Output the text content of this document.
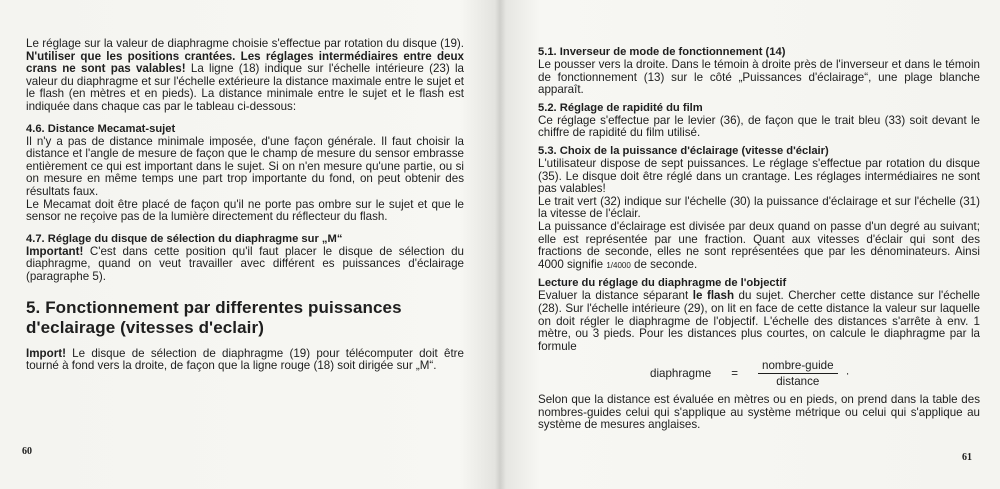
Le réglage sur la valeur de diaphragme choisie s'effectue par rotation du disque (19). N'utiliser que les positions crantées. Les réglages intermédiaires entre deux crans ne sont pas valables! La ligne (18) indique sur l'échelle intérieure (23) la valeur du diaphragme et sur l'échelle extérieure la distance maximale entre le sujet et le flash (en mètres et en pieds). La distance minimale entre le sujet et le flash est indiquée dans chaque cas par le tableau ci-dessous:

4.6. Distance Mecamat-sujet

Il n'y a pas de distance minimale imposée, d'une façon générale. Il faut choisir la distance et l'angle de mesure de façon que le champ de mesure du sensor embrasse entièrement ce qui est important dans le sujet. Si on n'en mesure qu'une partie, ou si on mesure en même temps une part trop importante du fond, on peut obtenir des résultats faux.

Le Mecamat doit être placé de façon qu'il ne porte pas ombre sur le sujet et que le sensor ne reçoive pas de la lumière directement du réflecteur du flash.

4.7. Réglage du disque de sélection du diaphragme sur „M“

Important! C'est dans cette position qu'il faut placer le disque de sélection du diaphragme, quand on veut travailler avec différent es puissances d'éclairage (paragraphe 5).

5. Fonctionnement par differentes puissances d'eclairage (vitesses d'eclair)

Import! Le disque de sélection de diaphragme (19) pour télécomputer doit être tourné à fond vers la droite, de façon que la ligne rouge (18) soit dirigée sur „M“.

60
5.1. Inverseur de mode de fonctionnement (14)

Le pousser vers la droite. Dans le témoin à droite près de l'inverseur et dans le témoin de fonctionnement (13) sur le côté „Puissances d'éclairage“, une plage blanche apparaît.

5.2. Réglage de rapidité du film

Ce réglage s'effectue par le levier (36), de façon que le trait bleu (33) soit devant le chiffre de rapidité du film utilisé.

5.3. Choix de la puissance d'éclairage (vitesse d'éclair)

L'utilisateur dispose de sept puissances. Le réglage s'effectue par rotation du disque (35). Le disque doit être réglé dans un crantage. Les réglages intermédiaires ne sont pas valables!

Le trait vert (32) indique sur l'échelle (30) la puissance d'éclairage et sur l'échelle (31) la vitesse de l'éclair.

La puissance d'éclairage est divisée par deux quand on passe d'un degré au suivant; elle est représentée par une fraction. Quant aux vitesses d'éclair qui sont des fractions de seconde, elles ne sont représentées que par les dénominateurs. Ainsi 4000 signifie 1/4000 de seconde.

Lecture du réglage du diaphragme de l'objectif

Evaluer la distance séparant le flash du sujet. Chercher cette distance sur l'échelle (28). Sur l'échelle intérieure (29), on lit en face de cette distance la valeur sur laquelle on doit régler le diaphragme de l'objectif. L'échelle des distances s'arrête à env. 1 mètre, ou 3 pieds. Pour les distances plus courtes, on calcule le diaphragme par la formule

diaphragme = $\frac{\text{nombre-guide}}{\text{distance}}$ ·

Selon que la distance est évaluée en mètres ou en pieds, on prend dans la table des nombres-guides celui qui s'applique au système métrique ou celui qui s'applique au système de mesures anglaises.

61
